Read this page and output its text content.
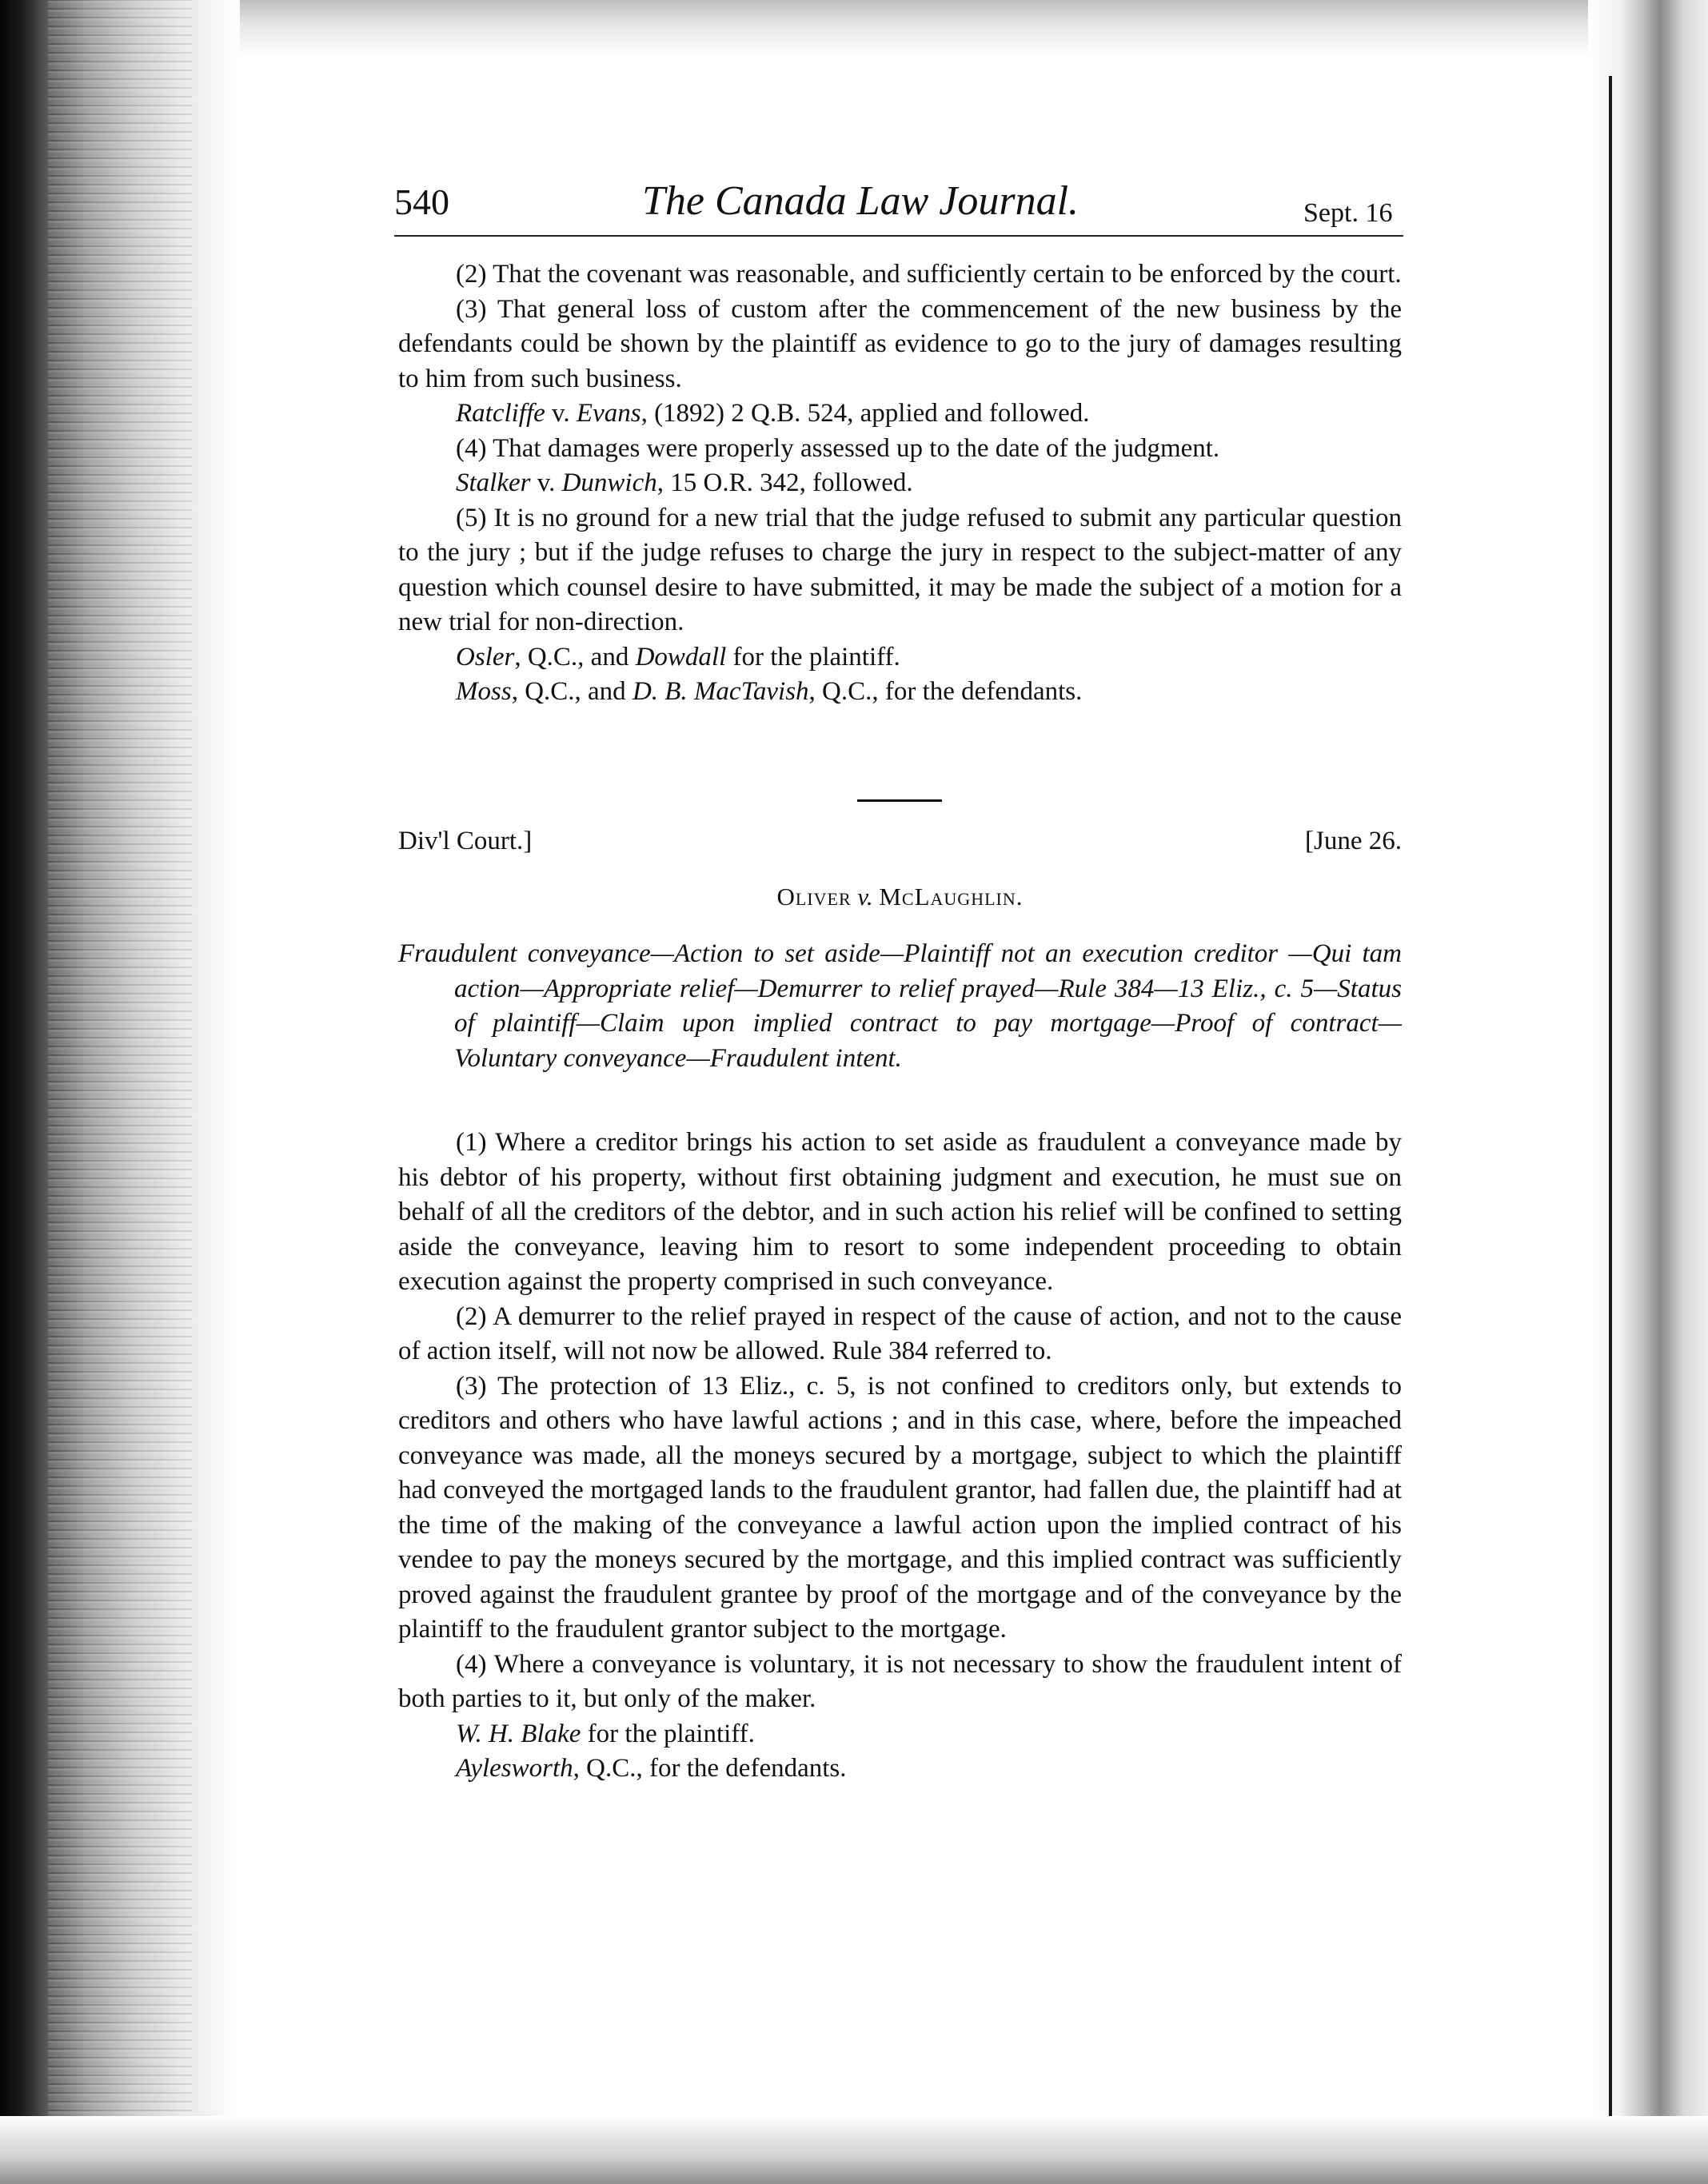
540	The Canada Law Journal.	Sept. 16

(2) That the covenant was reasonable, and sufficiently certain to be enforced by the court.

(3) That general loss of custom after the commencement of the new business by the defendants could be shown by the plaintiff as evidence to go to the jury of damages resulting to him from such business.

Ratcliffe v. Evans, (1892) 2 Q.B. 524, applied and followed.

(4) That damages were properly assessed up to the date of the judgment.

Stalker v. Dunwich, 15 O.R. 342, followed.

(5) It is no ground for a new trial that the judge refused to submit any particular question to the jury ; but if the judge refuses to charge the jury in respect to the subject-matter of any question which counsel desire to have submitted, it may be made the subject of a motion for a new trial for non-direction.

Osler, Q.C., and Dowdall for the plaintiff.

Moss, Q.C., and D. B. MacTavish, Q.C., for the defendants.

Div'l Court.]	[June 26.
Oliver v. McLaughlin.

Fraudulent conveyance—Action to set aside—Plaintiff not an execution creditor —Qui tam action—Appropriate relief—Demurrer to relief prayed—Rule 384—13 Eliz., c. 5—Status of plaintiff—Claim upon implied contract to pay mortgage—Proof of contract—Voluntary conveyance—Fraudulent intent.

(1) Where a creditor brings his action to set aside as fraudulent a conveyance made by his debtor of his property, without first obtaining judgment and execution, he must sue on behalf of all the creditors of the debtor, and in such action his relief will be confined to setting aside the conveyance, leaving him to resort to some independent proceeding to obtain execution against the property comprised in such conveyance.

(2) A demurrer to the relief prayed in respect of the cause of action, and not to the cause of action itself, will not now be allowed. Rule 384 referred to.

(3) The protection of 13 Eliz., c. 5, is not confined to creditors only, but extends to creditors and others who have lawful actions ; and in this case, where, before the impeached conveyance was made, all the moneys secured by a mortgage, subject to which the plaintiff had conveyed the mortgaged lands to the fraudulent grantor, had fallen due, the plaintiff had at the time of the making of the conveyance a lawful action upon the implied contract of his vendee to pay the moneys secured by the mortgage, and this implied contract was sufficiently proved against the fraudulent grantee by proof of the mortgage and of the conveyance by the plaintiff to the fraudulent grantor subject to the mortgage.

(4) Where a conveyance is voluntary, it is not necessary to show the fraudulent intent of both parties to it, but only of the maker.

W. H. Blake for the plaintiff.

Aylesworth, Q.C., for the defendants.
